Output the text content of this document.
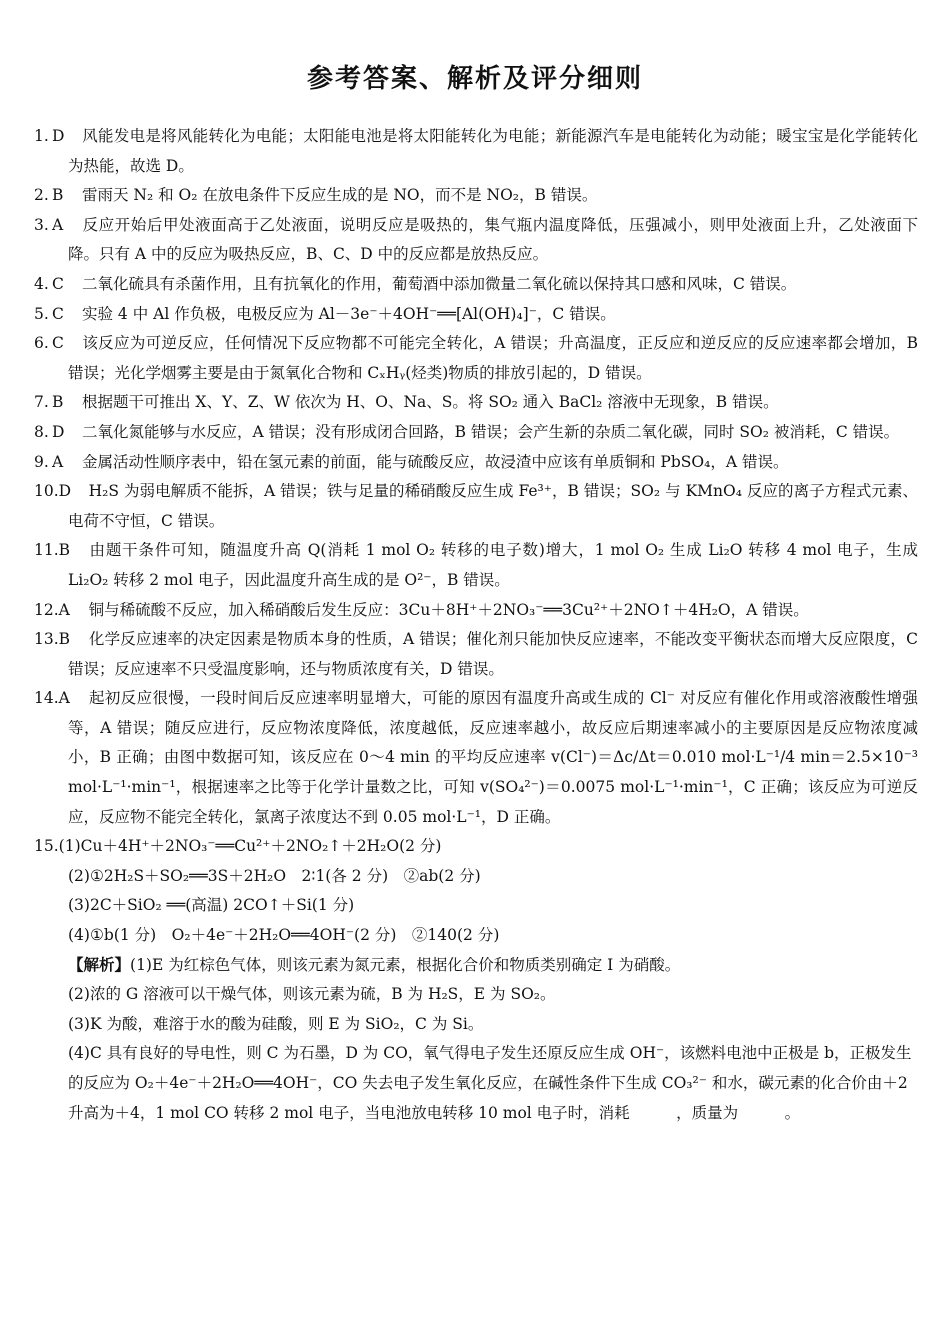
参考答案、解析及评分细则
1. D 风能发电是将风能转化为电能；太阳能电池是将太阳能转化为电能；新能源汽车是电能转化为动能；暖宝宝是化学能转化为热能，故选 D。
2. B 雷雨天 N₂ 和 O₂ 在放电条件下反应生成的是 NO，而不是 NO₂，B 错误。
3. A 反应开始后甲处液面高于乙处液面，说明反应是吸热的，集气瓶内温度降低，压强减小，则甲处液面上升，乙处液面下降。只有 A 中的反应为吸热反应，B、C、D 中的反应都是放热反应。
4. C 二氧化硫具有杀菌作用，且有抗氧化的作用，葡萄酒中添加微量二氧化硫以保持其口感和风味，C 错误。
5. C 实验 4 中 Al 作负极，电极反应为 Al－3e⁻＋4OH⁻══[Al(OH)₄]⁻，C 错误。
6. C 该反应为可逆反应，任何情况下反应物都不可能完全转化，A 错误；升高温度，正反应和逆反应的反应速率都会增加，B 错误；光化学烟雾主要是由于氮氧化合物和 CₓHᵧ(烃类)物质的排放引起的，D 错误。
7. B 根据题干可推出 X、Y、Z、W 依次为 H、O、Na、S。将 SO₂ 通入 BaCl₂ 溶液中无现象，B 错误。
8. D 二氧化氮能够与水反应，A 错误；没有形成闭合回路，B 错误；会产生新的杂质二氧化碳，同时 SO₂ 被消耗，C 错误。
9. A 金属活动性顺序表中，铅在氢元素的前面，能与硫酸反应，故浸渣中应该有单质铜和 PbSO₄，A 错误。
10.D H₂S 为弱电解质不能拆，A 错误；铁与足量的稀硝酸反应生成 Fe³⁺，B 错误；SO₂ 与 KMnO₄ 反应的离子方程式元素、电荷不守恒，C 错误。
11.B 由题干条件可知，随温度升高 Q(消耗 1 mol O₂ 转移的电子数)增大，1 mol O₂ 生成 Li₂O 转移 4 mol 电子，生成 Li₂O₂ 转移 2 mol 电子，因此温度升高生成的是 O²⁻，B 错误。
12.A 铜与稀硫酸不反应，加入稀硝酸后发生反应：3Cu＋8H⁺＋2NO₃⁻══3Cu²⁺＋2NO↑＋4H₂O，A 错误。
13.B 化学反应速率的决定因素是物质本身的性质，A 错误；催化剂只能加快反应速率，不能改变平衡状态而增大反应限度，C 错误；反应速率不只受温度影响，还与物质浓度有关，D 错误。
14.A 起初反应很慢，一段时间后反应速率明显增大，可能的原因有温度升高或生成的 Cl⁻ 对反应有催化作用或溶液酸性增强等，A 错误；随反应进行，反应物浓度降低，浓度越低，反应速率越小，故反应后期速率减小的主要原因是反应物浓度减小，B 正确；由图中数据可知，该反应在 0～4 min 的平均反应速率 v(Cl⁻)＝Δc/Δt＝0.010 mol·L⁻¹/4 min＝2.5×10⁻³ mol·L⁻¹·min⁻¹，根据速率之比等于化学计量数之比，可知 v(SO₄²⁻)＝0.0075 mol·L⁻¹·min⁻¹，C 正确；该反应为可逆反应，反应物不能完全转化，氯离子浓度达不到 0.05 mol·L⁻¹，D 正确。
15.(1)Cu＋4H⁺＋2NO₃⁻══Cu²⁺＋2NO₂↑＋2H₂O(2 分)
(2)①2H₂S＋SO₂══3S＋2H₂O　2∶1(各 2 分)　②ab(2 分)
(3)2C＋SiO₂ ══(高温) 2CO↑＋Si(1 分)
(4)①b(1 分)　O₂＋4e⁻＋2H₂O══4OH⁻(2 分)　②140(2 分)
【解析】(1)E 为红棕色气体，则该元素为氮元素，根据化合价和物质类别确定 I 为硝酸。
(2)浓的 G 溶液可以干燥气体，则该元素为硫，B 为 H₂S，E 为 SO₂。
(3)K 为酸，难溶于水的酸为硅酸，则 E 为 SiO₂，C 为 Si。
(4)C 具有良好的导电性，则 C 为石墨，D 为 CO，氧气得电子发生还原反应生成 OH⁻，该燃料电池中正极是 b，正极发生的反应为 O₂＋4e⁻＋2H₂O══4OH⁻，CO 失去电子发生氧化反应，在碱性条件下生成 CO₃²⁻ 和水，碳元素的化合价由＋2 升高为＋4，1 mol CO 转移 2 mol 电子，当电池放电转移 10 mol 电子时，消耗　　　，质量为　　　。
